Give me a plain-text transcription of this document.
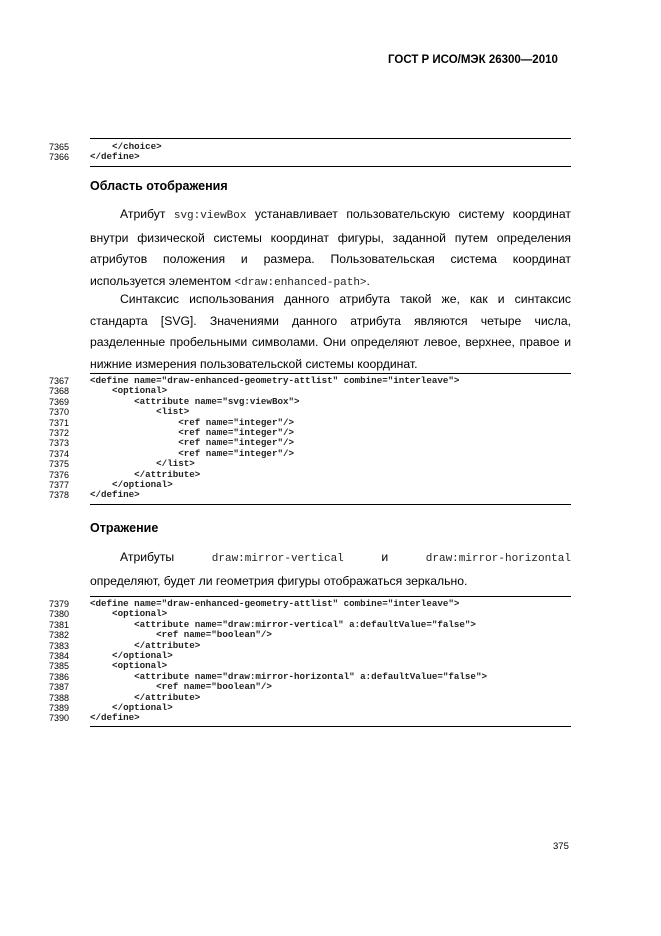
ГОСТ Р ИСО/МЭК 26300—2010
7365 </choice>
7366 </define>
Область отображения
Атрибут svg:viewBox устанавливает пользовательскую систему координат
внутри физической системы координат фигуры, заданной путем определения
атрибутов положения и размера. Пользовательская система координат
используется элементом <draw:enhanced-path>.
Синтаксис использования данного атрибута такой же, как и синтаксис
стандарта [SVG]. Значениями данного атрибута являются четыре числа,
разделенные пробельными символами. Они определяют левое, верхнее, правое и
нижние измерения пользовательской системы координат.
7367 <define name="draw-enhanced-geometry-attlist" combine="interleave">
7368 <optional>
7369 <attribute name="svg:viewBox">
7370 <list>
7371 <ref name="integer"/>
7372 <ref name="integer"/>
7373 <ref name="integer"/>
7374 <ref name="integer"/>
7375 </list>
7376 </attribute>
7377 </optional>
7378 </define>
Отражение
Атрибуты	draw:mirror-vertical	и	draw:mirror-horizontal
определяют, будет ли геометрия фигуры отображаться зеркально.
7379 <define name="draw-enhanced-geometry-attlist" combine="interleave">
7380 <optional>
7381 <attribute name="draw:mirror-vertical" a:defaultValue="false">
7382 <ref name="boolean"/>
7383 </attribute>
7384 </optional>
7385 <optional>
7386 <attribute name="draw:mirror-horizontal" a:defaultValue="false">
7387 <ref name="boolean"/>
7388 </attribute>
7389 </optional>
7390 </define>
375
